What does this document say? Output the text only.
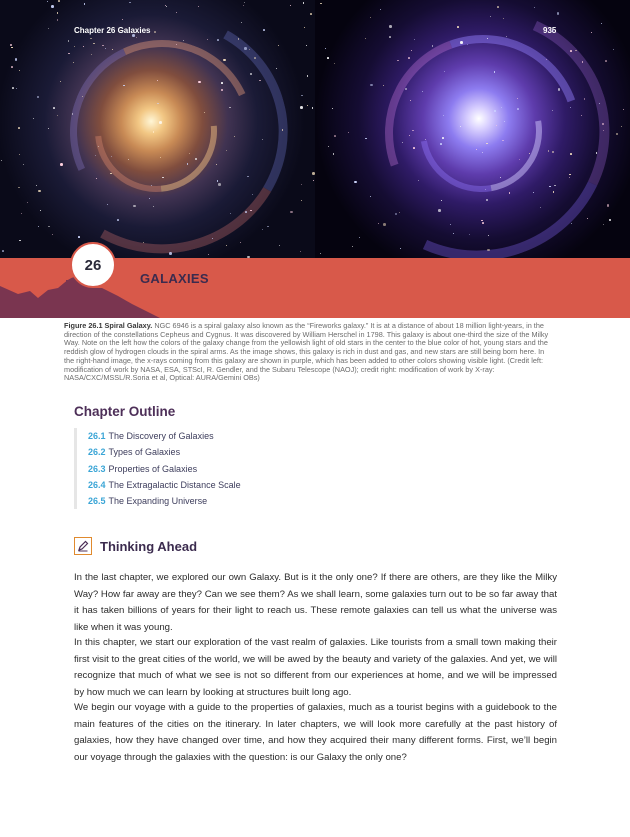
Chapter 26 Galaxies	935
26
GALAXIES
Figure 26.1 Spiral Galaxy. NGC 6946 is a spiral galaxy also known as the “Fireworks galaxy.” It is at a distance of about 18 million light-years, in the direction of the constellations Cepheus and Cygnus. It was discovered by William Herschel in 1798. This galaxy is about one-third the size of the Milky Way. Note on the left how the colors of the galaxy change from the yellowish light of old stars in the center to the blue color of hot, young stars and the reddish glow of hydrogen clouds in the spiral arms. As the image shows, this galaxy is rich in dust and gas, and new stars are still being born here. In the right-hand image, the x-rays coming from this galaxy are shown in purple, which has been added to other colors showing visible light. (Credit left: modification of work by NASA, ESA, STScI, R. Gendler, and the Subaru Telescope (NAOJ); credit right: modification of work by X-ray: NASA/CXC/MSSL/R.Soria et al, Optical: AURA/Gemini OBs)
Chapter Outline
26.1 The Discovery of Galaxies
26.2 Types of Galaxies
26.3 Properties of Galaxies
26.4 The Extragalactic Distance Scale
26.5 The Expanding Universe
Thinking Ahead

In the last chapter, we explored our own Galaxy. But is it the only one? If there are others, are they like the Milky Way? How far away are they? Can we see them? As we shall learn, some galaxies turn out to be so far away that it has taken billions of years for their light to reach us. These remote galaxies can tell us what the universe was like when it was young.

In this chapter, we start our exploration of the vast realm of galaxies. Like tourists from a small town making their first visit to the great cities of the world, we will be awed by the beauty and variety of the galaxies. And yet, we will recognize that much of what we see is not so different from our experiences at home, and we will be impressed by how much we can learn by looking at structures built long ago.

We begin our voyage with a guide to the properties of galaxies, much as a tourist begins with a guidebook to the main features of the cities on the itinerary. In later chapters, we will look more carefully at the past history of galaxies, how they have changed over time, and how they acquired their many different forms. First, we’ll begin our voyage through the galaxies with the question: is our Galaxy the only one?
